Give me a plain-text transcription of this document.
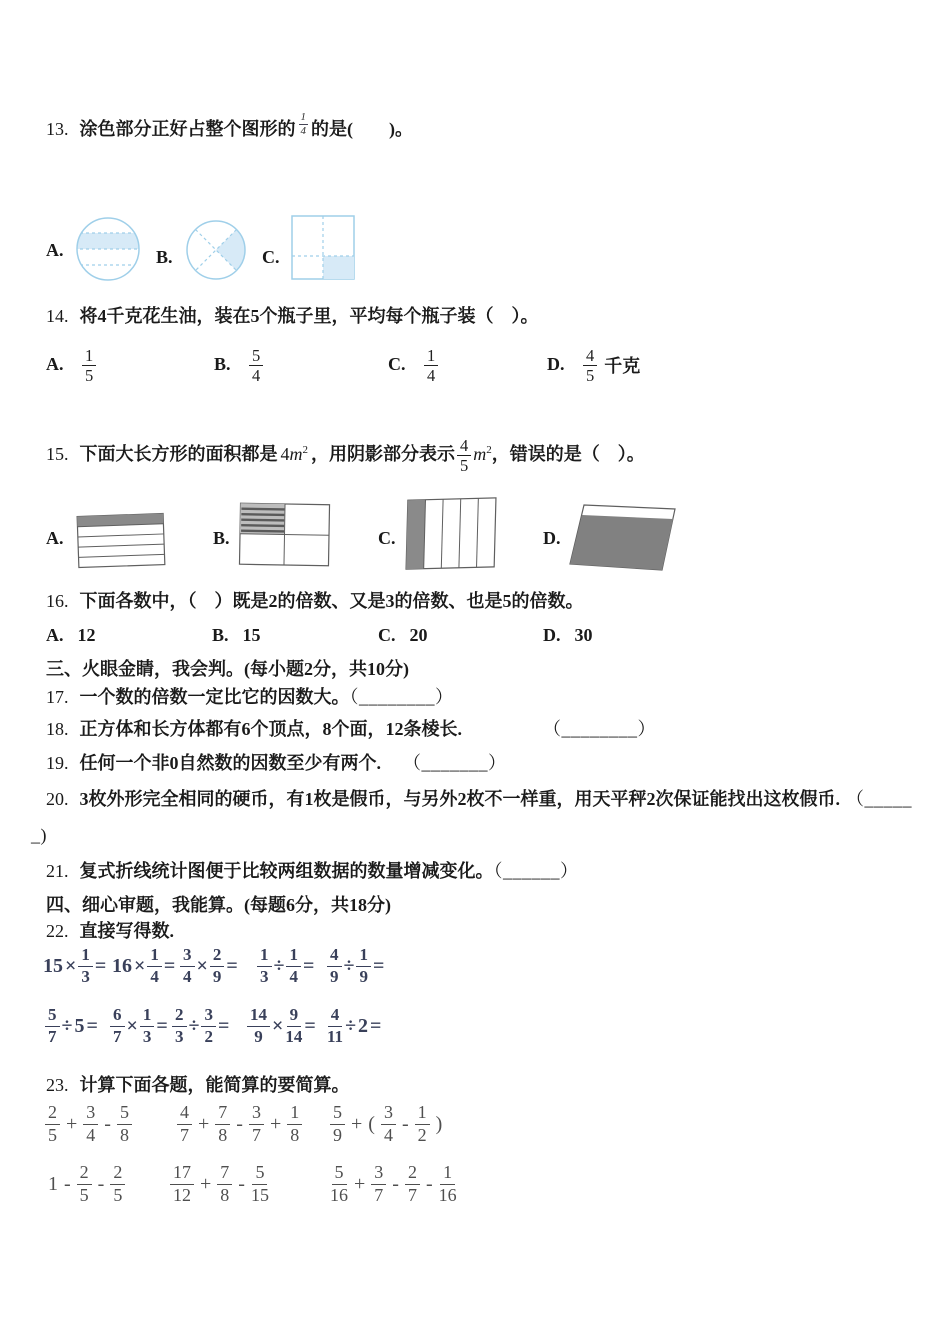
13. 涂色部分正好占整个图形的 $\frac{1}{4}$ 的是(　　)。
A.	B.	C.
14. 将4千克花生油，装在5个瓶子里，平均每个瓶子装（　）。
A. $\frac{1}{5}$	B. $\frac{5}{4}$	C. $\frac{1}{4}$	D. $\frac{4}{5}$ 千克
15. 下面大长方形的面积都是 $4m^2$ ，用阴影部分表示 $\frac{4}{5} m^2$，错误的是（　）。
A.	B.	C.	D.
16. 下面各数中，（　）既是2的倍数、又是3的倍数、也是5的倍数。
A. 12	B. 15	C. 20	D. 30
三、火眼金睛，我会判。(每小题2分，共10分)
17. 一个数的倍数一定比它的因数大。（________）
18. 正方体和长方体都有6个顶点，8个面，12条棱长.	（________）
19. 任何一个非0自然数的因数至少有两个. （_______）
20. 3枚外形完全相同的硬币，有1枚是假币，与另外2枚不一样重，用天平秤2次保证能找出这枚假币. （_____
_)
21. 复式折线统计图便于比较两组数据的数量增减变化。（______）
四、细心审题，我能算。(每题6分，共18分)
22. 直接写得数.
$15 \times \frac{1}{3} = 16 \times \frac{1}{4} = \frac{3}{4} \times \frac{2}{9} = \frac{1}{3} \div \frac{1}{4} = \frac{4}{9} \div \frac{1}{9}$ =
$\frac{5}{7} \div 5 = \frac{6}{7} \times \frac{1}{3} = \frac{2}{3} \div \frac{3}{2} = \frac{14}{9} \times \frac{9}{14} = \frac{4}{11} \div 2$ =
23. 计算下面各题，能简算的要简算。
$\frac{2}{5} + \frac{3}{4} - \frac{5}{8}$	$\frac{4}{7} + \frac{7}{8} - \frac{3}{7} + \frac{1}{8} \frac{5}{9}$ + ( $\frac{3}{4} - \frac{1}{2}$ )
$1 - \frac{2}{5} - \frac{2}{5} \frac{17}{12} + \frac{7}{8} - \frac{5}{15}$	$\frac{5}{16} + \frac{3}{7} - \frac{2}{7} - \frac{1}{16}$
